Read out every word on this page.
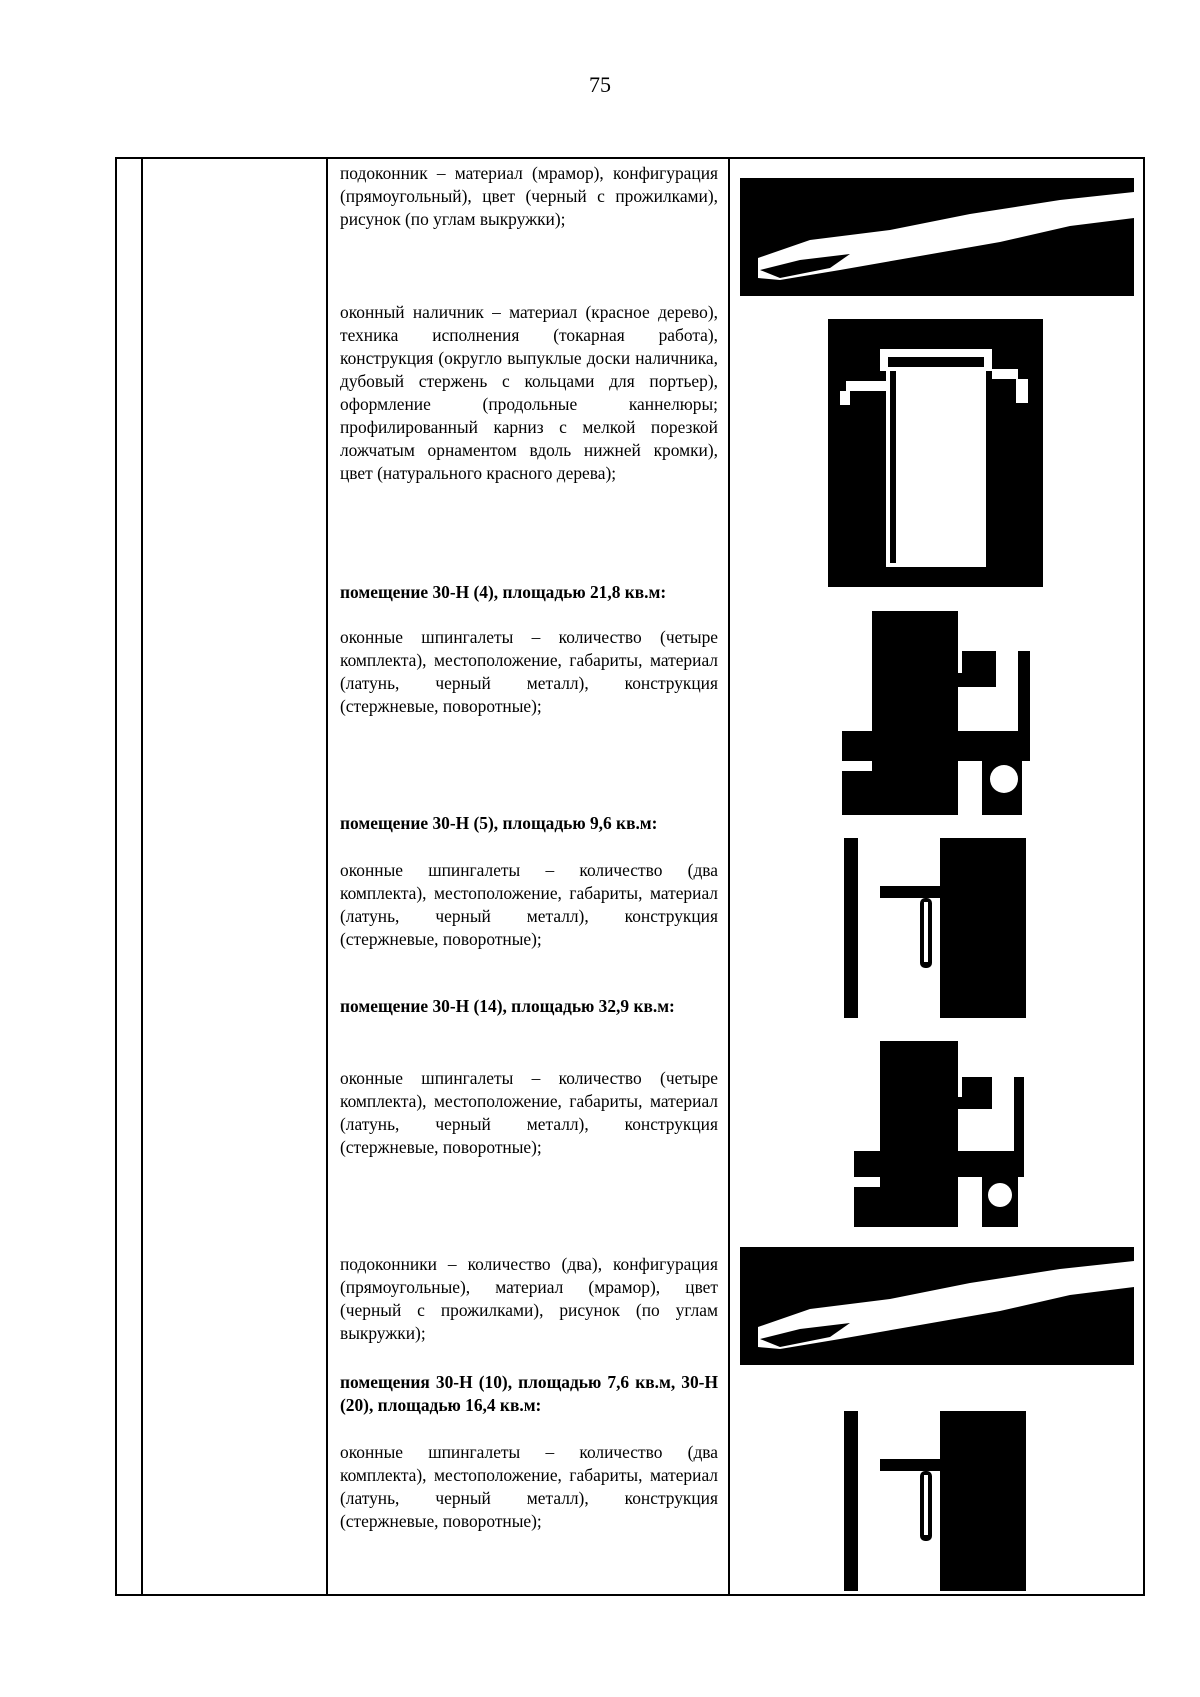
75
подоконник – материал (мрамор), конфигурация (прямоугольный), цвет (черный с прожилками), рисунок (по углам выкружки);
оконный наличник – материал (красное дерево), техника исполнения (токарная работа), конструкция (округло выпуклые доски наличника, дубовый стержень с кольцами для портьер), оформление (продольные каннелюры; профилированный карниз с мелкой порезкой ложчатым орнаментом вдоль нижней кромки), цвет (натурального красного дерева);
помещение 30-Н (4), площадью 21,8 кв.м:
оконные шпингалеты – количество (четыре комплекта), местоположение, габариты, материал (латунь, черный металл), конструкция (стержневые, поворотные);
помещение 30-Н (5), площадью 9,6 кв.м:
оконные шпингалеты – количество (два комплекта), местоположение, габариты, материал (латунь, черный металл), конструкция (стержневые, поворотные);
помещение 30-Н (14), площадью 32,9 кв.м:
оконные шпингалеты – количество (четыре комплекта), местоположение, габариты, материал (латунь, черный металл), конструкция (стержневые, поворотные);
подоконники – количество (два), конфигурация (прямоугольные), материал (мрамор), цвет (черный с прожилками), рисунок (по углам выкружки);
помещения 30-Н (10), площадью 7,6 кв.м, 30-Н (20), площадью 16,4 кв.м:
оконные шпингалеты – количество (два комплекта), местоположение, габариты, материал (латунь, черный металл), конструкция (стержневые, поворотные);
